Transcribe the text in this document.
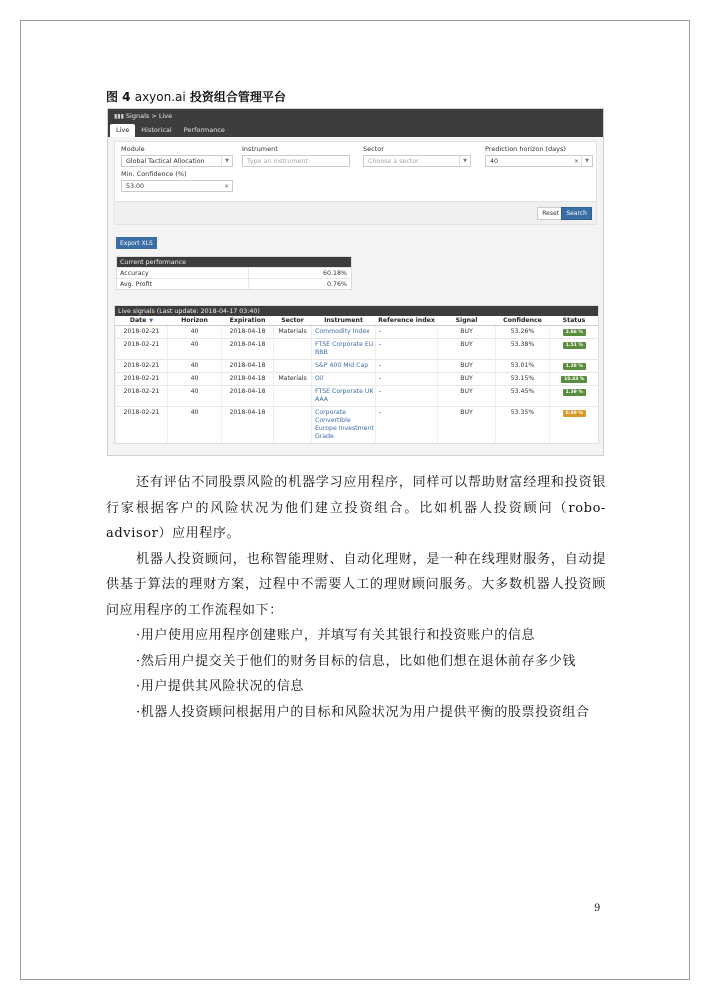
图 4 axyon.ai 投资组合管理平台
▮▮▮ Signals > Live
Live	Historical	Performance
Module
Global Tactical Allocation	▼
Instrument
Type an instrument
Sector
Choose a sector	▼
Prediction horizon (days)
40	×	▼
Min. Confidence (%)
53.00	×
Reset	Search
Export XLS
Current performance
Accuracy	60.18%
Avg. Profit	0.76%
Live signals (Last update: 2018-04-17 03:40)
Date ▼	Horizon	Expiration	Sector	Instrument	Reference index	Signal	Confidence	Status
2018-02-21	40	2018-04-18	Materials	Commodity Index	-	BUY	53.26%	2.86 %
2018-02-21	40	2018-04-18		FTSE Corporate EU BBB	-	BUY	53.38%	1.51 %
2018-02-21	40	2018-04-18		S&P 400 Mid Cap	-	BUY	53.01%	1.28 %
2018-02-21	40	2018-04-18	Materials	Oil	-	BUY	53.15%	10.43 %
2018-02-21	40	2018-04-18		FTSE Corporate UK AAA	-	BUY	53.45%	1.39 %
2018-02-21	40	2018-04-18		Corporate Convertible Europe Investment Grade	-	BUY	53.35%	0.89 %

还有评估不同股票风险的机器学习应用程序，同样可以帮助财富经理和投资银行家根据客户的风险状况为他们建立投资组合。比如机器人投资顾问（robo-advisor）应用程序。

机器人投资顾问，也称智能理财、自动化理财，是一种在线理财服务，自动提供基于算法的理财方案，过程中不需要人工的理财顾问服务。大多数机器人投资顾问应用程序的工作流程如下：

·用户使用应用程序创建账户，并填写有关其银行和投资账户的信息

·然后用户提交关于他们的财务目标的信息，比如他们想在退休前存多少钱

·用户提供其风险状况的信息

·机器人投资顾问根据用户的目标和风险状况为用户提供平衡的股票投资组合

9
